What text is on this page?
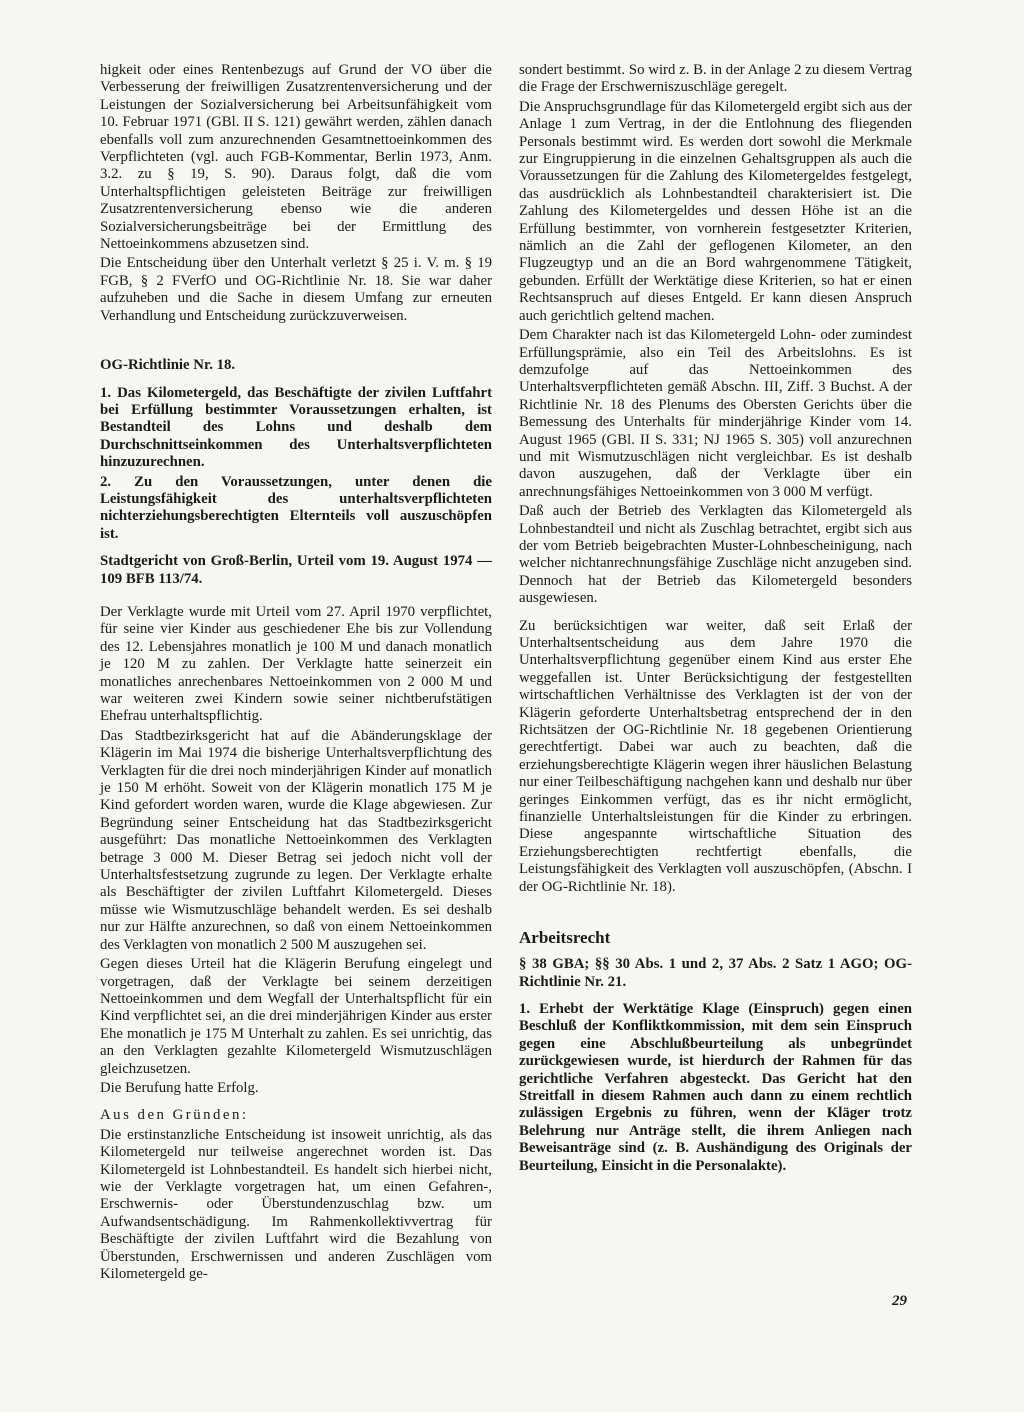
higkeit oder eines Rentenbezugs auf Grund der VO über die Verbesserung der freiwilligen Zusatzrentenversicherung und der Leistungen der Sozialversicherung bei Arbeitsunfähigkeit vom 10. Februar 1971 (GBl. II S. 121) gewährt werden, zählen danach ebenfalls voll zum anzurechnenden Gesamtnettoeinkommen des Verpflichteten (vgl. auch FGB-Kommentar, Berlin 1973, Anm. 3.2. zu § 19, S. 90). Daraus folgt, daß die vom Unterhaltspflichtigen geleisteten Beiträge zur freiwilligen Zusatzrentenversicherung ebenso wie die anderen Sozialversicherungsbeiträge bei der Ermittlung des Nettoeinkommens abzusetzen sind.

Die Entscheidung über den Unterhalt verletzt § 25 i. V. m. § 19 FGB, § 2 FVerfO und OG-Richtlinie Nr. 18. Sie war daher aufzuheben und die Sache in diesem Umfang zur erneuten Verhandlung und Entscheidung zurückzuverweisen.

OG-Richtlinie Nr. 18.

1. Das Kilometergeld, das Beschäftigte der zivilen Luftfahrt bei Erfüllung bestimmter Voraussetzungen erhalten, ist Bestandteil des Lohns und deshalb dem Durchschnittseinkommen des Unterhaltsverpflichteten hinzuzurechnen.

2. Zu den Voraussetzungen, unter denen die Leistungsfähigkeit des unterhaltsverpflichteten nichterziehungsberechtigten Elternteils voll auszuschöpfen ist.

Stadtgericht von Groß-Berlin, Urteil vom 19. August 1974 — 109 BFB 113/74.

Der Verklagte wurde mit Urteil vom 27. April 1970 verpflichtet, für seine vier Kinder aus geschiedener Ehe bis zur Vollendung des 12. Lebensjahres monatlich je 100 M und danach monatlich je 120 M zu zahlen. Der Verklagte hatte seinerzeit ein monatliches anrechenbares Nettoeinkommen von 2 000 M und war weiteren zwei Kindern sowie seiner nichtberufstätigen Ehefrau unterhaltspflichtig.

Das Stadtbezirksgericht hat auf die Abänderungsklage der Klägerin im Mai 1974 die bisherige Unterhaltsverpflichtung des Verklagten für die drei noch minderjährigen Kinder auf monatlich je 150 M erhöht. Soweit von der Klägerin monatlich 175 M je Kind gefordert worden waren, wurde die Klage abgewiesen. Zur Begründung seiner Entscheidung hat das Stadtbezirksgericht ausgeführt: Das monatliche Nettoeinkommen des Verklagten betrage 3 000 M. Dieser Betrag sei jedoch nicht voll der Unterhaltsfestsetzung zugrunde zu legen. Der Verklagte erhalte als Beschäftigter der zivilen Luftfahrt Kilometergeld. Dieses müsse wie Wismutzuschläge behandelt werden. Es sei deshalb nur zur Hälfte anzurechnen, so daß von einem Nettoeinkommen des Verklagten von monatlich 2 500 M auszugehen sei.

Gegen dieses Urteil hat die Klägerin Berufung eingelegt und vorgetragen, daß der Verklagte bei seinem derzeitigen Nettoeinkommen und dem Wegfall der Unterhaltspflicht für ein Kind verpflichtet sei, an die drei minderjährigen Kinder aus erster Ehe monatlich je 175 M Unterhalt zu zahlen. Es sei unrichtig, das an den Verklagten gezahlte Kilometergeld Wismutzuschlägen gleichzusetzen.

Die Berufung hatte Erfolg.

Aus den Gründen:

Die erstinstanzliche Entscheidung ist insoweit unrichtig, als das Kilometergeld nur teilweise angerechnet worden ist. Das Kilometergeld ist Lohnbestandteil. Es handelt sich hierbei nicht, wie der Verklagte vorgetragen hat, um einen Gefahren-, Erschwernis- oder Überstundenzuschlag bzw. um Aufwandsentschädigung. Im Rahmenkollektivvertrag für Beschäftigte der zivilen Luftfahrt wird die Bezahlung von Überstunden, Erschwernissen und anderen Zuschlägen vom Kilometergeld ge-

sondert bestimmt. So wird z. B. in der Anlage 2 zu diesem Vertrag die Frage der Erschwerniszuschläge geregelt.

Die Anspruchsgrundlage für das Kilometergeld ergibt sich aus der Anlage 1 zum Vertrag, in der die Entlohnung des fliegenden Personals bestimmt wird. Es werden dort sowohl die Merkmale zur Eingruppierung in die einzelnen Gehaltsgruppen als auch die Voraussetzungen für die Zahlung des Kilometergeldes festgelegt, das ausdrücklich als Lohnbestandteil charakterisiert ist. Die Zahlung des Kilometergeldes und dessen Höhe ist an die Erfüllung bestimmter, von vornherein festgesetzter Kriterien, nämlich an die Zahl der geflogenen Kilometer, an den Flugzeugtyp und an die an Bord wahrgenommene Tätigkeit, gebunden. Erfüllt der Werktätige diese Kriterien, so hat er einen Rechtsanspruch auf dieses Entgeld. Er kann diesen Anspruch auch gerichtlich geltend machen.

Dem Charakter nach ist das Kilometergeld Lohn- oder zumindest Erfüllungsprämie, also ein Teil des Arbeitslohns. Es ist demzufolge auf das Nettoeinkommen des Unterhaltsverpflichteten gemäß Abschn. III, Ziff. 3 Buchst. A der Richtlinie Nr. 18 des Plenums des Obersten Gerichts über die Bemessung des Unterhalts für minderjährige Kinder vom 14. August 1965 (GBl. II S. 331; NJ 1965 S. 305) voll anzurechnen und mit Wismutzuschlägen nicht vergleichbar. Es ist deshalb davon auszugehen, daß der Verklagte über ein anrechnungsfähiges Nettoeinkommen von 3 000 M verfügt.

Daß auch der Betrieb des Verklagten das Kilometergeld als Lohnbestandteil und nicht als Zuschlag betrachtet, ergibt sich aus der vom Betrieb beigebrachten Muster-Lohnbescheinigung, nach welcher nichtanrechnungsfähige Zuschläge nicht anzugeben sind. Dennoch hat der Betrieb das Kilometergeld besonders ausgewiesen.

Zu berücksichtigen war weiter, daß seit Erlaß der Unterhaltsentscheidung aus dem Jahre 1970 die Unterhaltsverpflichtung gegenüber einem Kind aus erster Ehe weggefallen ist. Unter Berücksichtigung der festgestellten wirtschaftlichen Verhältnisse des Verklagten ist der von der Klägerin geforderte Unterhaltsbetrag entsprechend der in den Richtsätzen der OG-Richtlinie Nr. 18 gegebenen Orientierung gerechtfertigt. Dabei war auch zu beachten, daß die erziehungsberechtigte Klägerin wegen ihrer häuslichen Belastung nur einer Teilbeschäftigung nachgehen kann und deshalb nur über geringes Einkommen verfügt, das es ihr nicht ermöglicht, finanzielle Unterhaltsleistungen für die Kinder zu erbringen. Diese angespannte wirtschaftliche Situation des Erziehungsberechtigten rechtfertigt ebenfalls, die Leistungsfähigkeit des Verklagten voll auszuschöpfen, (Abschn. I der OG-Richtlinie Nr. 18).

Arbeitsrecht

§ 38 GBA; §§ 30 Abs. 1 und 2, 37 Abs. 2 Satz 1 AGO; OG-Richtlinie Nr. 21.

1. Erhebt der Werktätige Klage (Einspruch) gegen einen Beschluß der Konfliktkommission, mit dem sein Einspruch gegen eine Abschlußbeurteilung als unbegründet zurückgewiesen wurde, ist hierdurch der Rahmen für das gerichtliche Verfahren abgesteckt. Das Gericht hat den Streitfall in diesem Rahmen auch dann zu einem rechtlich zulässigen Ergebnis zu führen, wenn der Kläger trotz Belehrung nur Anträge stellt, die ihrem Anliegen nach Beweisanträge sind (z. B. Aushändigung des Originals der Beurteilung, Einsicht in die Personalakte).

29
